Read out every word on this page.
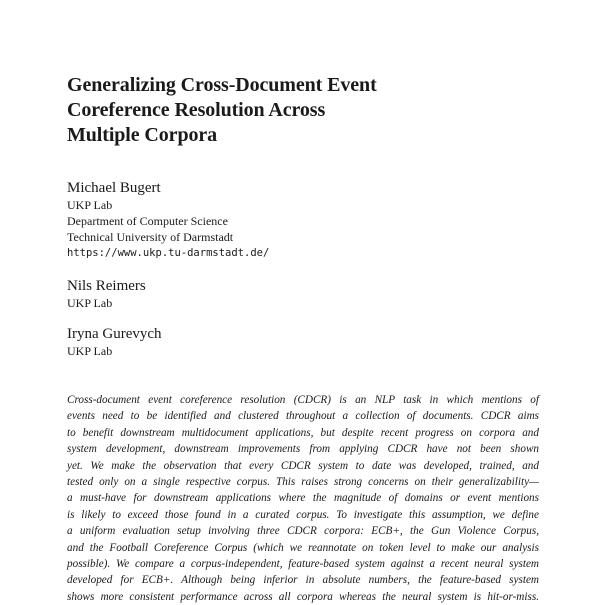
Generalizing Cross-Document Event
Coreference Resolution Across
Multiple Corpora
Michael Bugert
UKP Lab
Department of Computer Science
Technical University of Darmstadt
https://www.ukp.tu-darmstadt.de/
Nils Reimers
UKP Lab
Iryna Gurevych
UKP Lab
Cross-document event coreference resolution (CDCR) is an NLP task in which mentions of
events need to be identified and clustered throughout a collection of documents. CDCR aims
to benefit downstream multidocument applications, but despite recent progress on corpora and
system development, downstream improvements from applying CDCR have not been shown
yet. We make the observation that every CDCR system to date was developed, trained, and
tested only on a single respective corpus. This raises strong concerns on their generalizability—
a must-have for downstream applications where the magnitude of domains or event mentions
is likely to exceed those found in a curated corpus. To investigate this assumption, we define
a uniform evaluation setup involving three CDCR corpora: ECB+, the Gun Violence Corpus,
and the Football Coreference Corpus (which we reannotate on token level to make our analysis
possible). We compare a corpus-independent, feature-based system against a recent neural system
developed for ECB+. Although being inferior in absolute numbers, the feature-based system
shows more consistent performance across all corpora whereas the neural system is hit-or-miss.
